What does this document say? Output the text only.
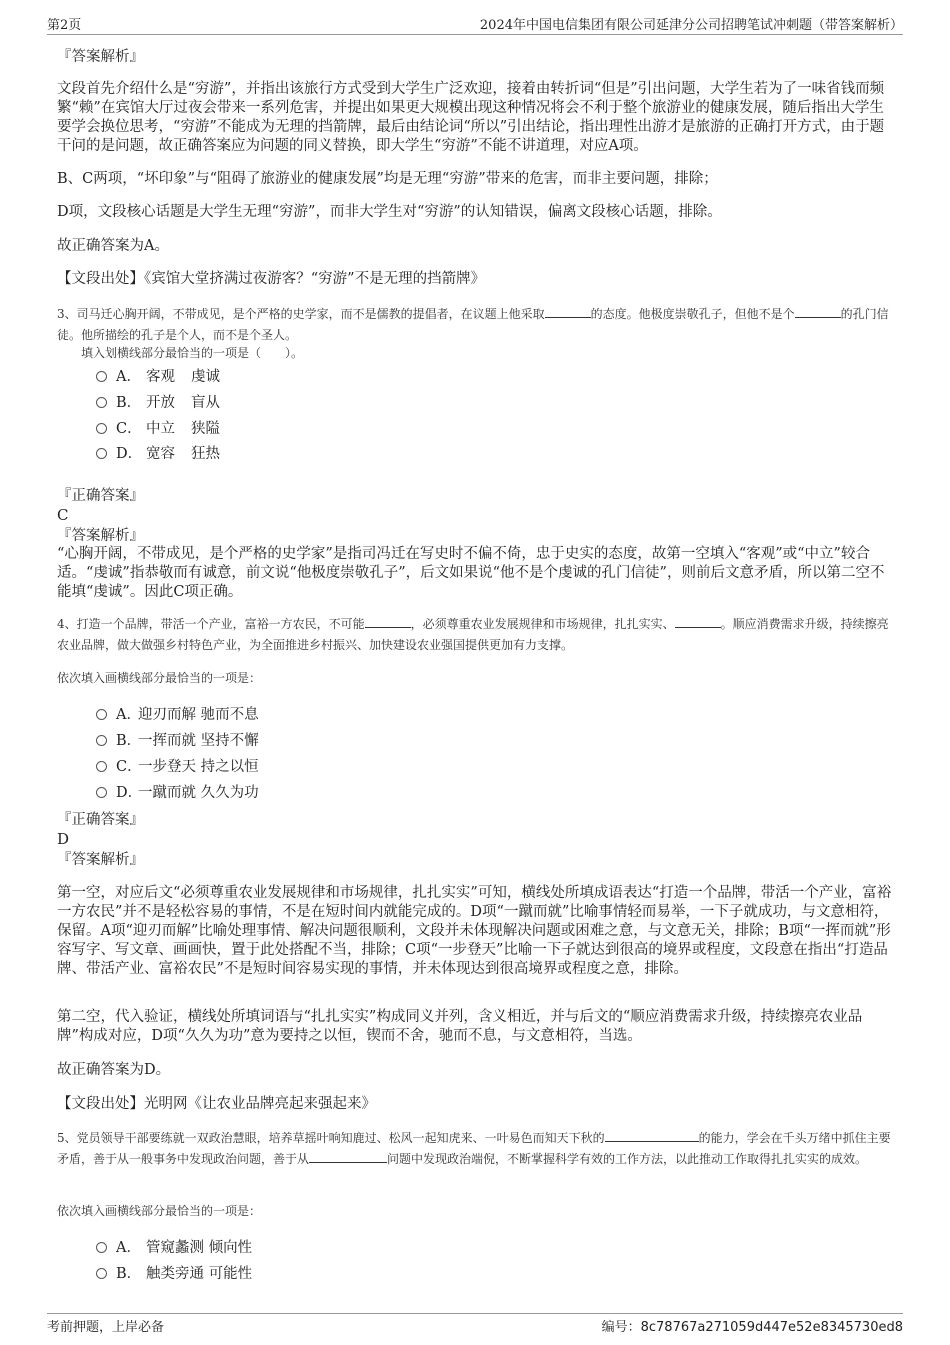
第2页	2024年中国电信集团有限公司延津分公司招聘笔试冲刺题（带答案解析）
『答案解析』
文段首先介绍什么是“穷游”，并指出该旅行方式受到大学生广泛欢迎，接着由转折词“但是”引出问题，大学生若为了一味省钱而频繁“赖”在宾馆大厅过夜会带来一系列危害，并提出如果更大规模出现这种情况将会不利于整个旅游业的健康发展，随后指出大学生要学会换位思考，“穷游”不能成为无理的挡箭牌，最后由结论词“所以”引出结论，指出理性出游才是旅游的正确打开方式，由于题干问的是问题，故正确答案应为问题的同义替换，即大学生“穷游”不能不讲道理，对应A项。
B、C两项，“坏印象”与“阻碍了旅游业的健康发展”均是无理“穷游”带来的危害，而非主要问题，排除；
D项，文段核心话题是大学生无理“穷游”，而非大学生对“穷游”的认知错误，偏离文段核心话题，排除。
故正确答案为A。
【文段出处】《宾馆大堂挤满过夜游客？“穷游”不是无理的挡箭牌》
3、司马迁心胸开阔，不带成见，是个严格的史学家，而不是儒教的提倡者，在议题上他采取	的态度。他极度崇敬孔子，但他不是个	的孔门信徒。他所描绘的孔子是个人，而不是个圣人。
填入划横线部分最恰当的一项是（　　）。
A． 客观 虔诚
B． 开放 盲从
C． 中立 狭隘
D． 宽容 狂热
『正确答案』
C
『答案解析』
“心胸开阔，不带成见，是个严格的史学家”是指司冯迁在写史时不偏不倚，忠于史实的态度，故第一空填入“客观”或“中立”较合适。“虔诚”指恭敬而有诚意，前文说“他极度崇敬孔子”，后文如果说“他不是个虔诚的孔门信徒”，则前后文意矛盾，所以第二空不能填“虔诚”。因此C项正确。
4、打造一个品牌，带活一个产业，富裕一方农民，不可能	，必须尊重农业发展规律和市场规律，扎扎实实、	。顺应消费需求升级，持续擦亮农业品牌，做大做强乡村特色产业，为全面推进乡村振兴、加快建设农业强国提供更加有力支撑。
依次填入画横线部分最恰当的一项是：
A．迎刃而解 驰而不息
B．一挥而就 坚持不懈
C．一步登天 持之以恒
D．一蹴而就 久久为功
『正确答案』
D
『答案解析』
第一空，对应后文“必须尊重农业发展规律和市场规律，扎扎实实”可知，横线处所填成语表达“打造一个品牌，带活一个产业，富裕一方农民”并不是轻松容易的事情，不是在短时间内就能完成的。D项“一蹴而就”比喻事情轻而易举，一下子就成功，与文意相符，保留。A项“迎刃而解”比喻处理事情、解决问题很顺利，文段并未体现解决问题或困难之意，与文意无关，排除；B项“一挥而就”形容写字、写文章、画画快，置于此处搭配不当，排除；C项“一步登天”比喻一下子就达到很高的境界或程度，文段意在指出“打造品牌、带活产业、富裕农民”不是短时间容易实现的事情，并未体现达到很高境界或程度之意，排除。
第二空，代入验证，横线处所填词语与“扎扎实实”构成同义并列，含义相近，并与后文的“顺应消费需求升级，持续擦亮农业品牌”构成对应，D项“久久为功”意为要持之以恒，锲而不舍，驰而不息，与文意相符，当选。
故正确答案为D。
【文段出处】光明网《让农业品牌亮起来强起来》
5、党员领导干部要练就一双政治慧眼，培养草摇叶响知鹿过、松风一起知虎来、一叶易色而知天下秋的	的能力，学会在千头万绪中抓住主要矛盾，善于从一般事务中发现政治问题，善于从	问题中发现政治端倪，不断掌握科学有效的工作方法，以此推动工作取得扎扎实实的成效。
依次填入画横线部分最恰当的一项是：
A． 管窥蠡测 倾向性
B． 触类旁通 可能性
考前押题，上岸必备	编号：8c78767a271059d447e52e8345730ed8
